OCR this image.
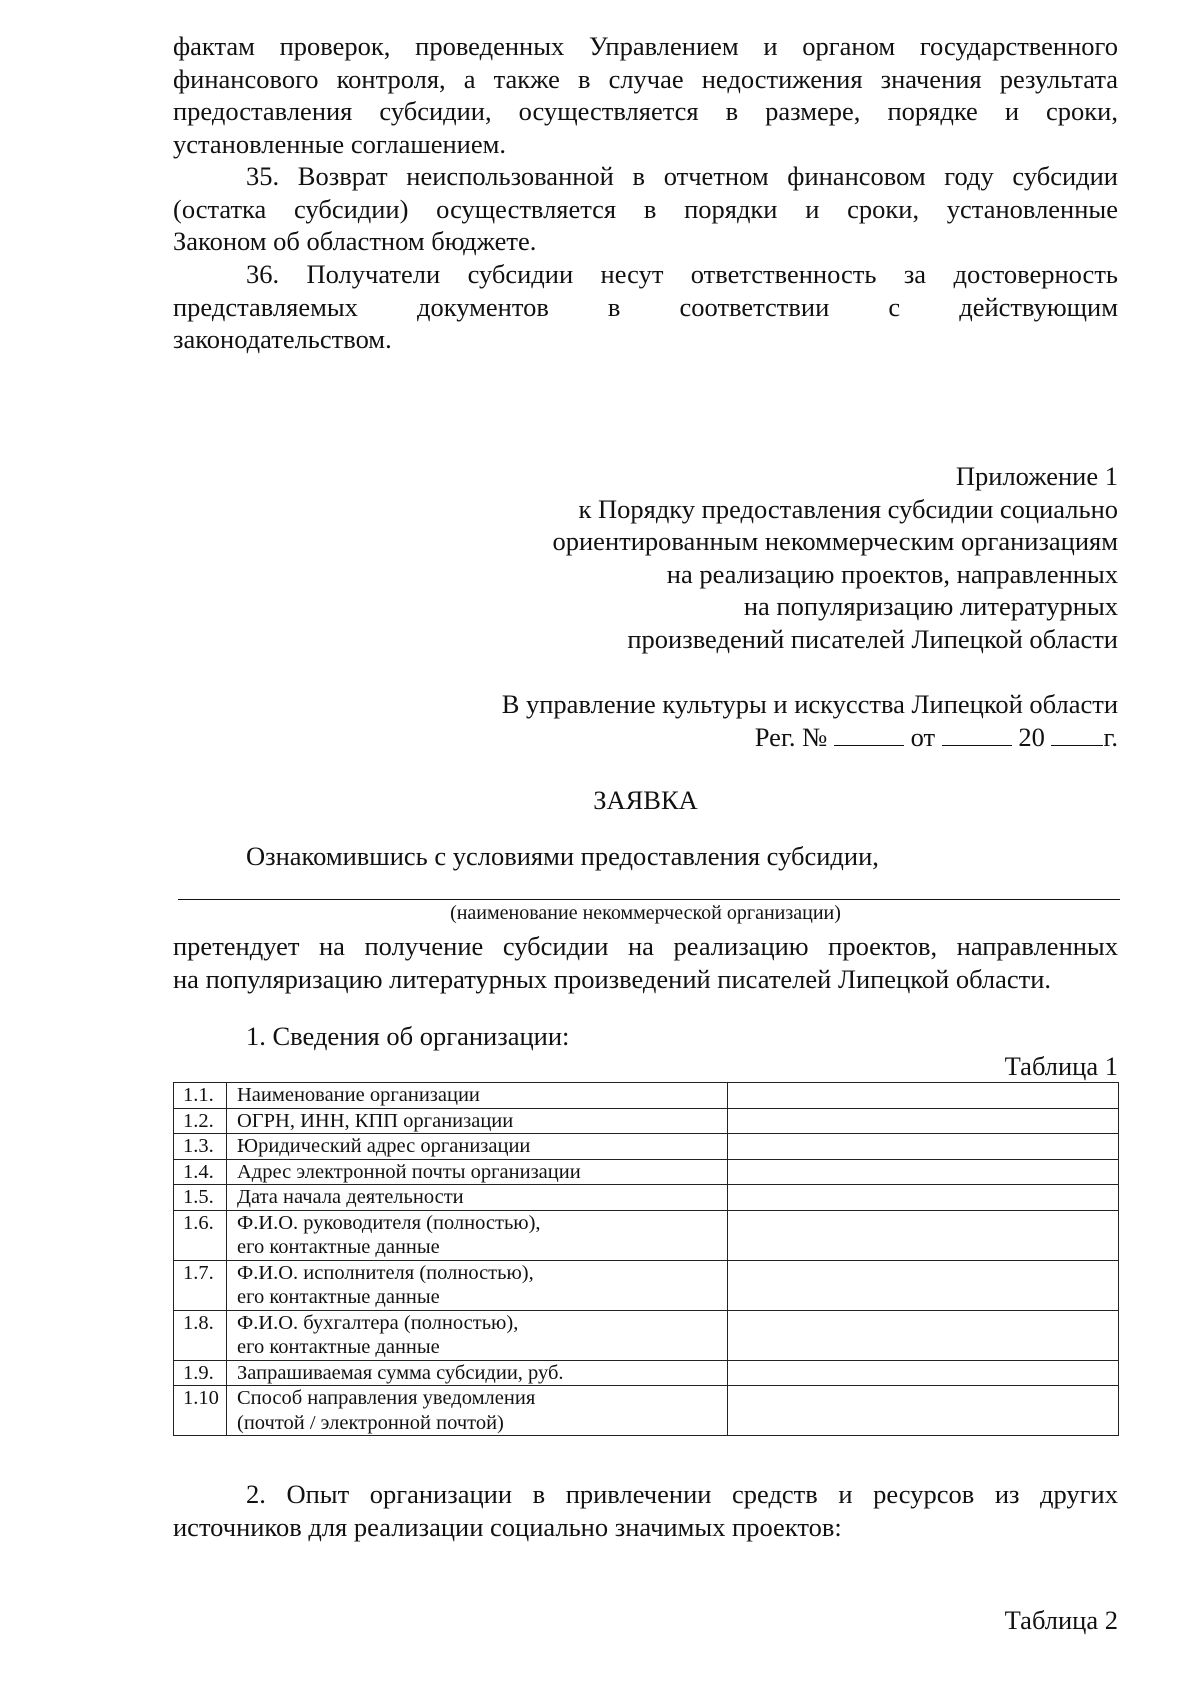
фактам проверок, проведенных Управлением и органом государственного

финансового контроля, а также в случае недостижения значения результата

предоставления субсидии, осуществляется в размере, порядке и сроки,

установленные соглашением.

35. Возврат неиспользованной в отчетном финансовом году субсидии

(остатка субсидии) осуществляется в порядки и сроки, установленные

Законом об областном бюджете.

36. Получатели субсидии несут ответственность за достоверность

представляемых документов в соответствии с действующим

законодательством.

Приложение 1

к Порядку предоставления субсидии социально

ориентированным некоммерческим организациям

на реализацию проектов, направленных

на популяризацию литературных

произведений писателей Липецкой области

В управление культуры и искусства Липецкой области

Рег. №	от	20 г.

ЗАЯВКА

Ознакомившись с условиями предоставления субсидии,

(наименование некоммерческой организации)

претендует на получение субсидии на реализацию проектов, направленных

на популяризацию литературных произведений писателей Липецкой области.

1. Сведения об организации:

Таблица 1

1.1.	Наименование организации	

1.2.	ОГРН, ИНН, КПП организации	

1.3.	Юридический адрес организации	

1.4.	Адрес электронной почты организации	

1.5.	Дата начала деятельности	

1.6.	Ф.И.О. руководителя (полностью),
его контактные данные	

1.7.	Ф.И.О. исполнителя (полностью),
его контактные данные	

1.8.	Ф.И.О. бухгалтера (полностью),
его контактные данные	

1.9.	Запрашиваемая сумма субсидии, руб.	

1.10	Способ направления уведомления
(почтой / электронной почтой)	

2. Опыт организации в привлечении средств и ресурсов из других

источников для реализации социально значимых проектов:

Таблица 2
